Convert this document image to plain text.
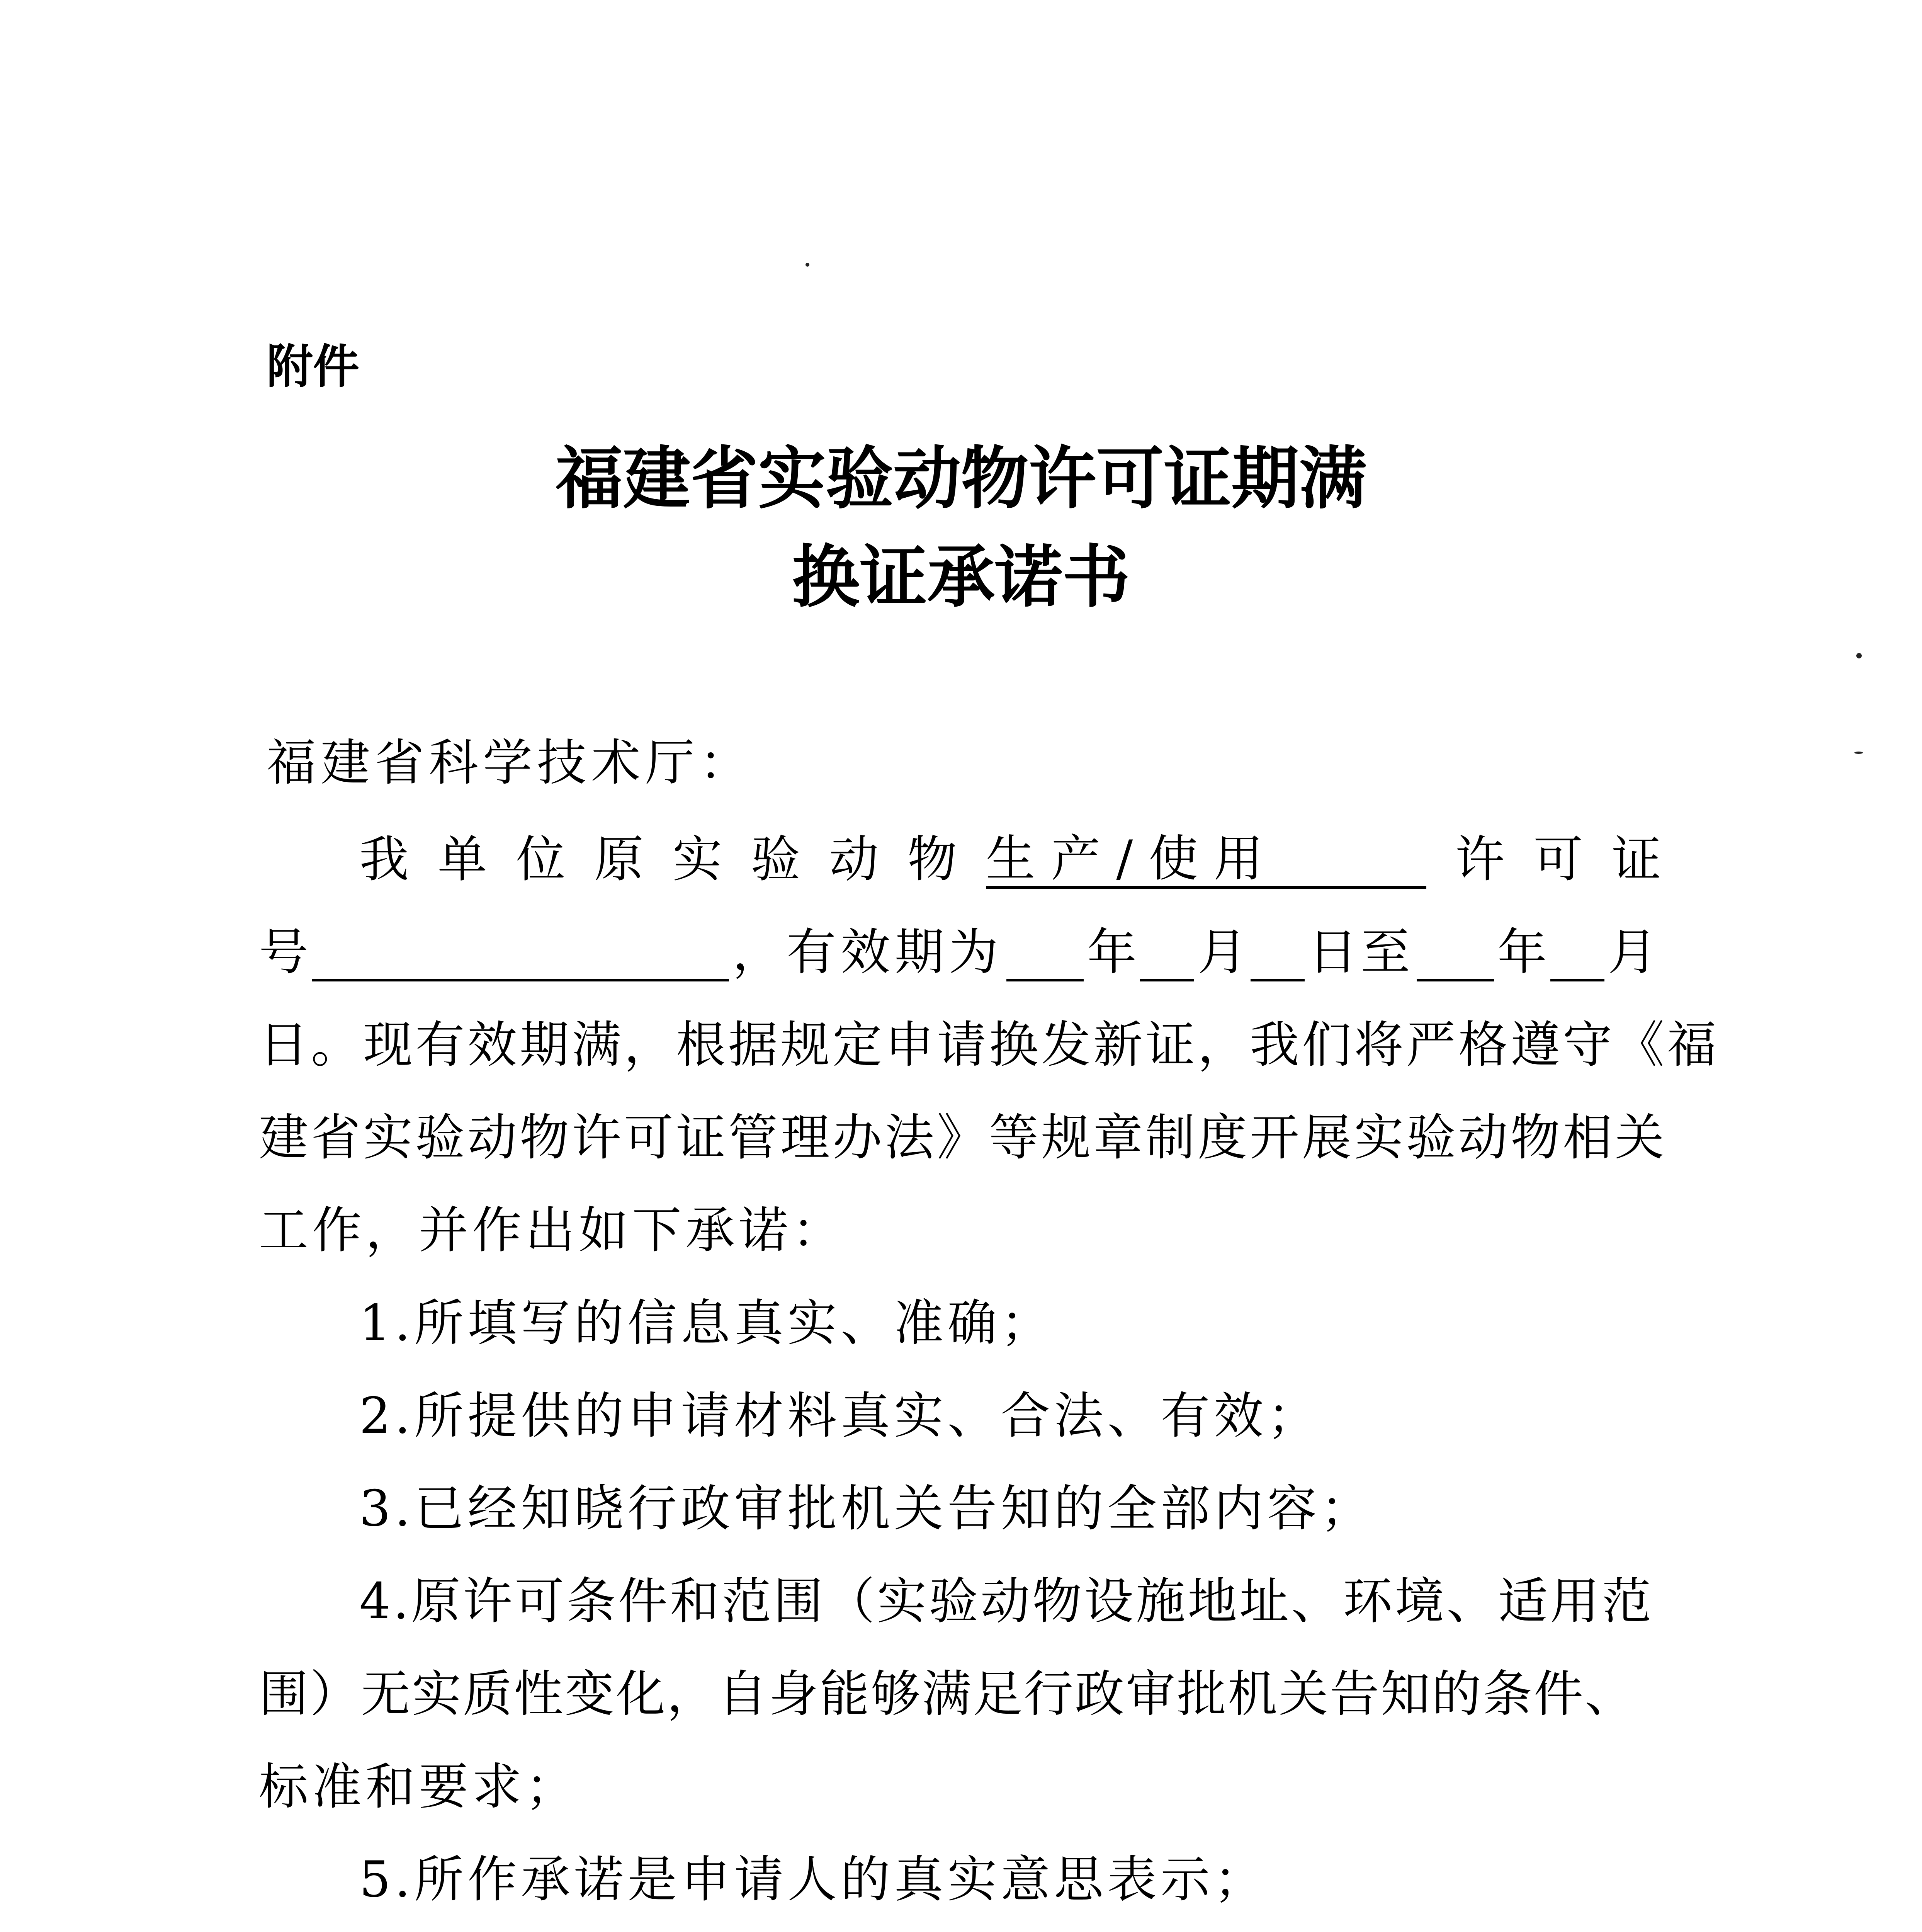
附件
福建省实验动物许可证期满
换证承诺书
福建省科学技术厅：
我 单 位 原 实 验 动 物 生 产 / 使 用	许 可 证
号	，有效期为 年 月 日至 年 月
日。现有效期满，根据规定申请换发新证，我们将严格遵守《福
建省实验动物许可证管理办法》等规章制度开展实验动物相关
工作，并作出如下承诺：
1.所填写的信息真实、准确；
2.所提供的申请材料真实、合法、有效；
3.已经知晓行政审批机关告知的全部内容；
4.原许可条件和范围（实验动物设施地址、环境、适用范
围）无实质性变化，自身能够满足行政审批机关告知的条件、
标准和要求；
5.所作承诺是申请人的真实意思表示；
